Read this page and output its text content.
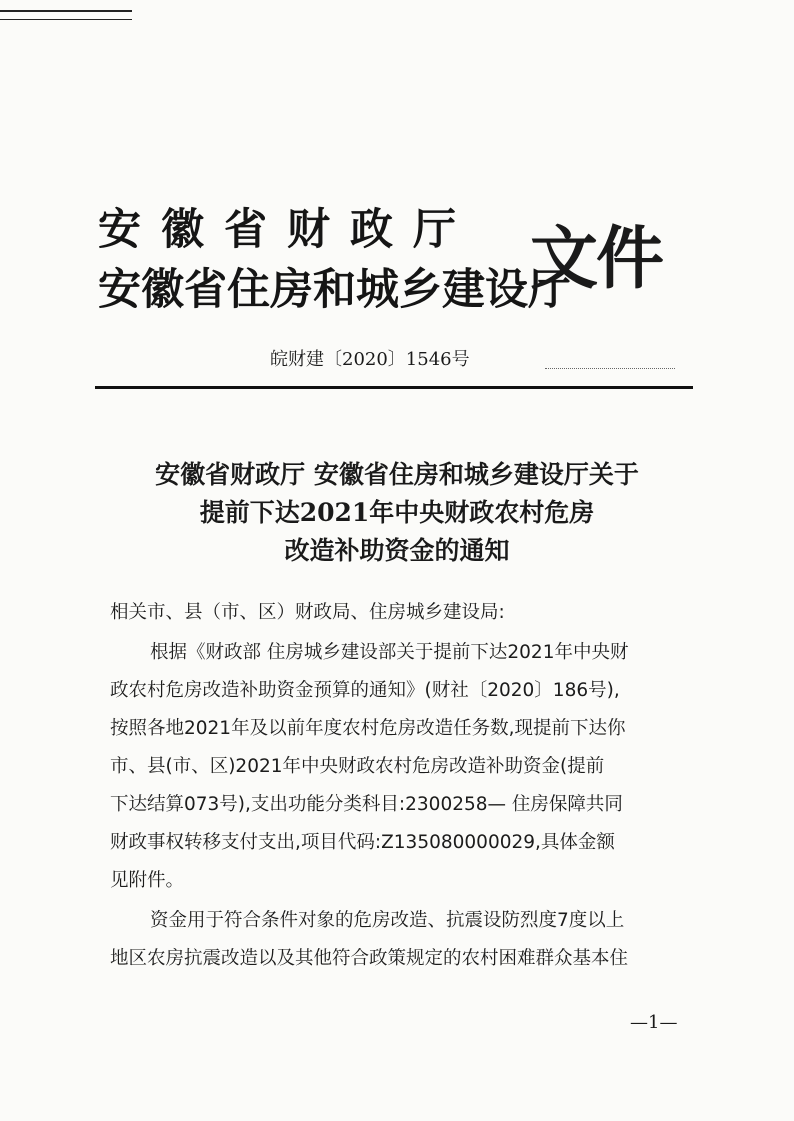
安徽省财政厅
安徽省住房和城乡建设厅
文件
皖财建〔2020〕1546号
安徽省财政厅 安徽省住房和城乡建设厅关于
提前下达2021年中央财政农村危房
改造补助资金的通知
相关市、县（市、区）财政局、住房城乡建设局:
根据《财政部 住房城乡建设部关于提前下达2021年中央财
政农村危房改造补助资金预算的通知》(财社〔2020〕186号),
按照各地2021年及以前年度农村危房改造任务数,现提前下达你
市、县(市、区)2021年中央财政农村危房改造补助资金(提前
下达结算073号),支出功能分类科目:2300258— 住房保障共同
财政事权转移支付支出,项目代码:Z135080000029,具体金额
见附件。
资金用于符合条件对象的危房改造、抗震设防烈度7度以上
地区农房抗震改造以及其他符合政策规定的农村困难群众基本住
—1—
